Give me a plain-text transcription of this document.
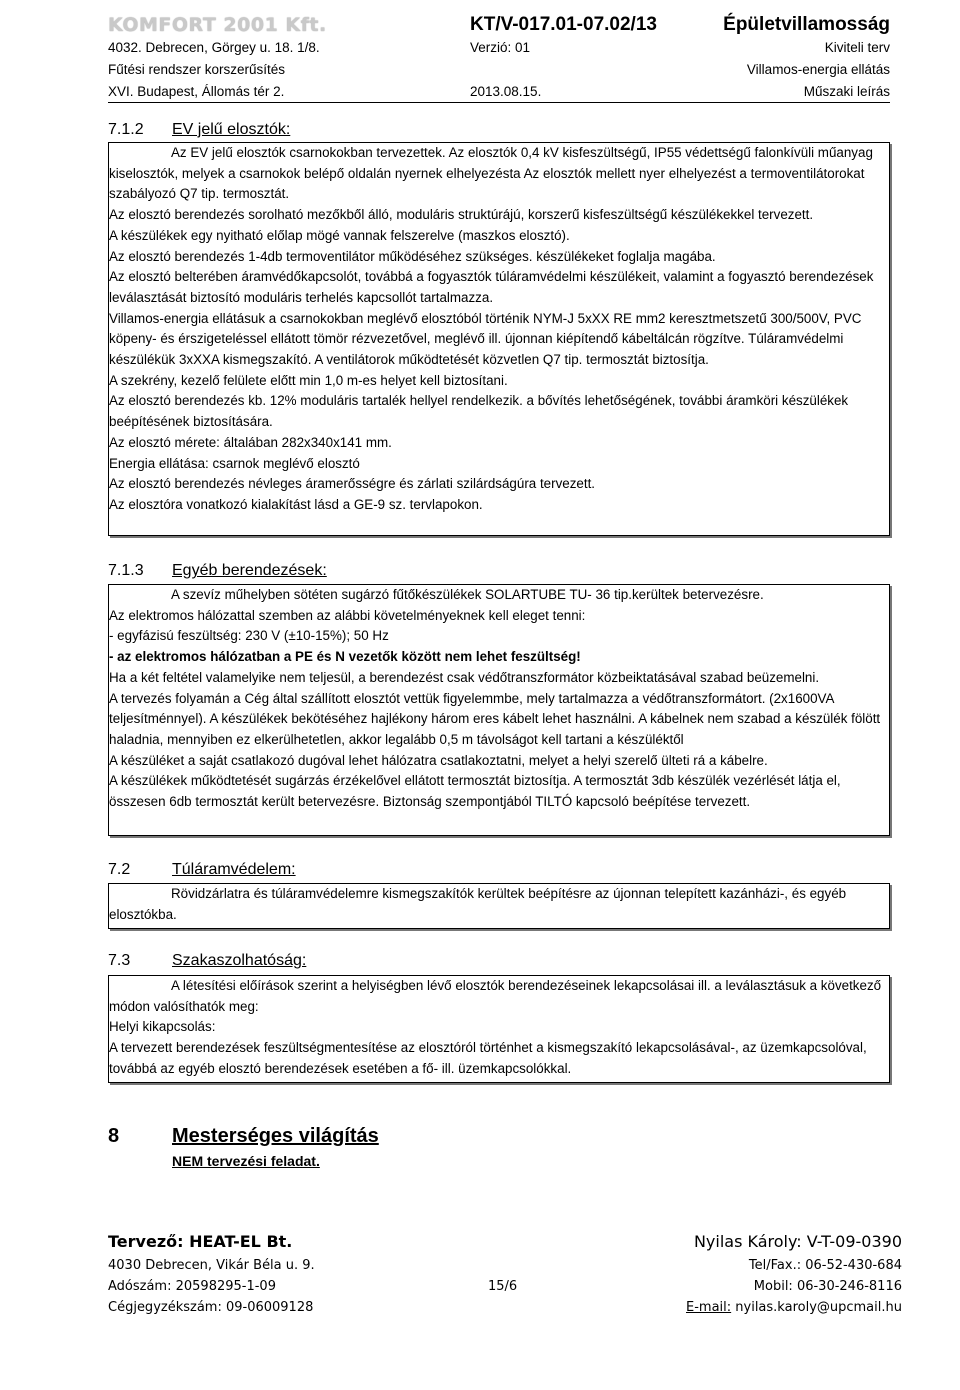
KOMFORT 2001 Kft.	KT/V-017.01-07.02/13	Épületvillamosság
4032. Debrecen, Görgey u. 18. 1/8.	Verzió: 01	Kiviteli terv
Fűtési rendszer korszerűsítés	Villamos-energia ellátás
XVI. Budapest, Állomás tér 2.	2013.08.15.	Műszaki leírás
7.1.2 EV jelű elosztók:

Az EV jelű elosztók csarnokokban tervezettek. Az elosztók 0,4 kV kisfeszültségű, IP55 védettségű falonkívüli műanyag kiselosztók, melyek a csarnokok belépő oldalán nyernek elhelyezésta Az elosztók mellett nyer elhelyezést a termoventilátorokat szabályozó Q7 tip. termosztát.

Az elosztó berendezés sorolható mezőkből álló, moduláris struktúrájú, korszerű kisfeszültségű készülékekkel tervezett.

A készülékek egy nyitható előlap mögé vannak felszerelve (maszkos elosztó).

Az elosztó berendezés 1-4db termoventilátor működéséhez szükséges. készülékeket foglalja magába.

Az elosztó belterében áramvédőkapcsolót, továbbá a fogyasztók túláramvédelmi készülékeit, valamint a fogyasztó berendezések leválasztását biztosító moduláris terhelés kapcsollót tartalmazza.

Villamos-energia ellátásuk a csarnokokban meglévő elosztóból történik NYM-J 5xXX RE mm2 keresztmetszetű 300/500V, PVC köpeny- és érszigeteléssel ellátott tömör rézvezetővel, meglévő ill. újonnan kiépítendő kábeltálcán rögzítve. Túláramvédelmi készülékük 3xXXA kismegszakító. A ventilátorok működtetését közvetlen Q7 tip. termosztát biztosítja.

A szekrény, kezelő felülete előtt min 1,0 m-es helyet kell biztosítani.

Az elosztó berendezés kb. 12% moduláris tartalék hellyel rendelkezik. a bővítés lehetőségének, további áramköri készülékek beépítésének biztosítására.

Az elosztó mérete: általában 282x340x141 mm.

Energia ellátása: csarnok meglévő elosztó

Az elosztó berendezés névleges áramerősségre és zárlati szilárdságúra tervezett.

Az elosztóra vonatkozó kialakítást lásd a GE-9 sz. tervlapokon.

7.1.3 Egyéb berendezések:

A szevíz műhelyben sötéten sugárzó fűtőkészülékek SOLARTUBE TU- 36 tip.kerültek betervezésre.

Az elektromos hálózattal szemben az alábbi követelményeknek kell eleget tenni:

- egyfázisú feszültség: 230 V (±10-15%); 50 Hz

- az elektromos hálózatban a PE és N vezetők között nem lehet feszültség!

Ha a két feltétel valamelyike nem teljesül, a berendezést csak védőtranszformátor közbeiktatásával szabad beüzemelni.

A tervezés folyamán a Cég által szállított elosztót vettük figyelemmbe, mely tartalmazza a védőtranszformátort. (2x1600VA teljesítménnyel). A készülékek bekötéséhez hajlékony három eres kábelt lehet használni. A kábelnek nem szabad a készülék fölött haladnia, mennyiben ez elkerülhetetlen, akkor legalább 0,5 m távolságot kell tartani a készüléktől

A készüléket a saját csatlakozó dugóval lehet hálózatra csatlakoztatni, melyet a helyi szerelő ülteti rá a kábelre.

A készülékek működtetését sugárzás érzékelővel ellátott termosztát biztosítja. A termosztát 3db készülék vezérlését látja el, összesen 6db termosztát került betervezésre. Biztonság szempontjából TILTÓ kapcsoló beépítése tervezett.

7.2	Túláramvédelem:

Rövidzárlatra és túláramvédelemre kismegszakítók kerültek beépítésre az újonnan telepített kazánházi-, és egyéb elosztókba.

7.3	Szakaszolhatóság:

A létesítési előírások szerint a helyiségben lévő elosztók berendezéseinek lekapcsolásai ill. a leválasztásuk a következő módon valósíthatók meg:

Helyi kikapcsolás:

A tervezett berendezések feszültségmentesítése az elosztóról történhet a kismegszakító lekapcsolásával-, az üzemkapcsolóval, továbbá az egyéb elosztó berendezések esetében a fő- ill. üzemkapcsolókkal.

8	Mesterséges világítás
NEM tervezési feladat.
Tervező: HEAT-EL Bt.	Nyilas Károly: V-T-09-0390
4030 Debrecen, Vikár Béla u. 9.	Tel/Fax.: 06-52-430-684
Adószám: 20598295-1-09	15/6	Mobil: 06-30-246-8116
Cégjegyzékszám: 09-06009128	E-mail: nyilas.karoly@upcmail.hu
